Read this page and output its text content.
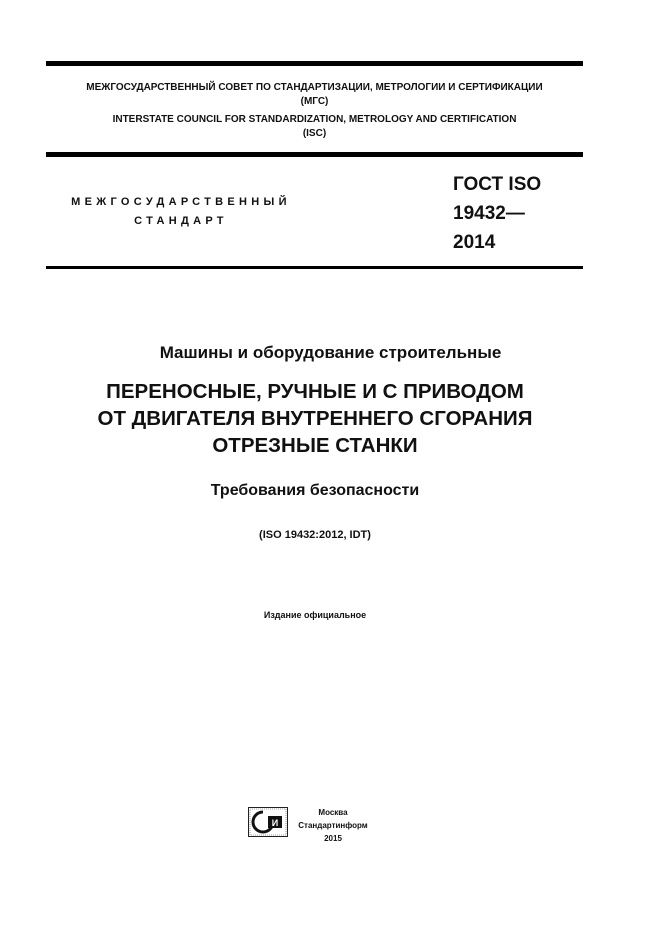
МЕЖГОСУДАРСТВЕННЫЙ СОВЕТ ПО СТАНДАРТИЗАЦИИ, МЕТРОЛОГИИ И СЕРТИФИКАЦИИ
(МГС)
INTERSTATE COUNCIL FOR STANDARDIZATION, METROLOGY AND CERTIFICATION
(ISC)
МЕЖГОСУДАРСТВЕННЫЙ
СТАНДАРТ
ГОСТ ISO
19432—
2014
Машины и оборудование строительные
ПЕРЕНОСНЫЕ, РУЧНЫЕ И С ПРИВОДОМ
ОТ ДВИГАТЕЛЯ ВНУТРЕННЕГО СГОРАНИЯ
ОТРЕЗНЫЕ СТАНКИ
Требования безопасности
(ISO 19432:2012, IDT)
Издание официальное
И
Москва
Стандартинформ
2015
